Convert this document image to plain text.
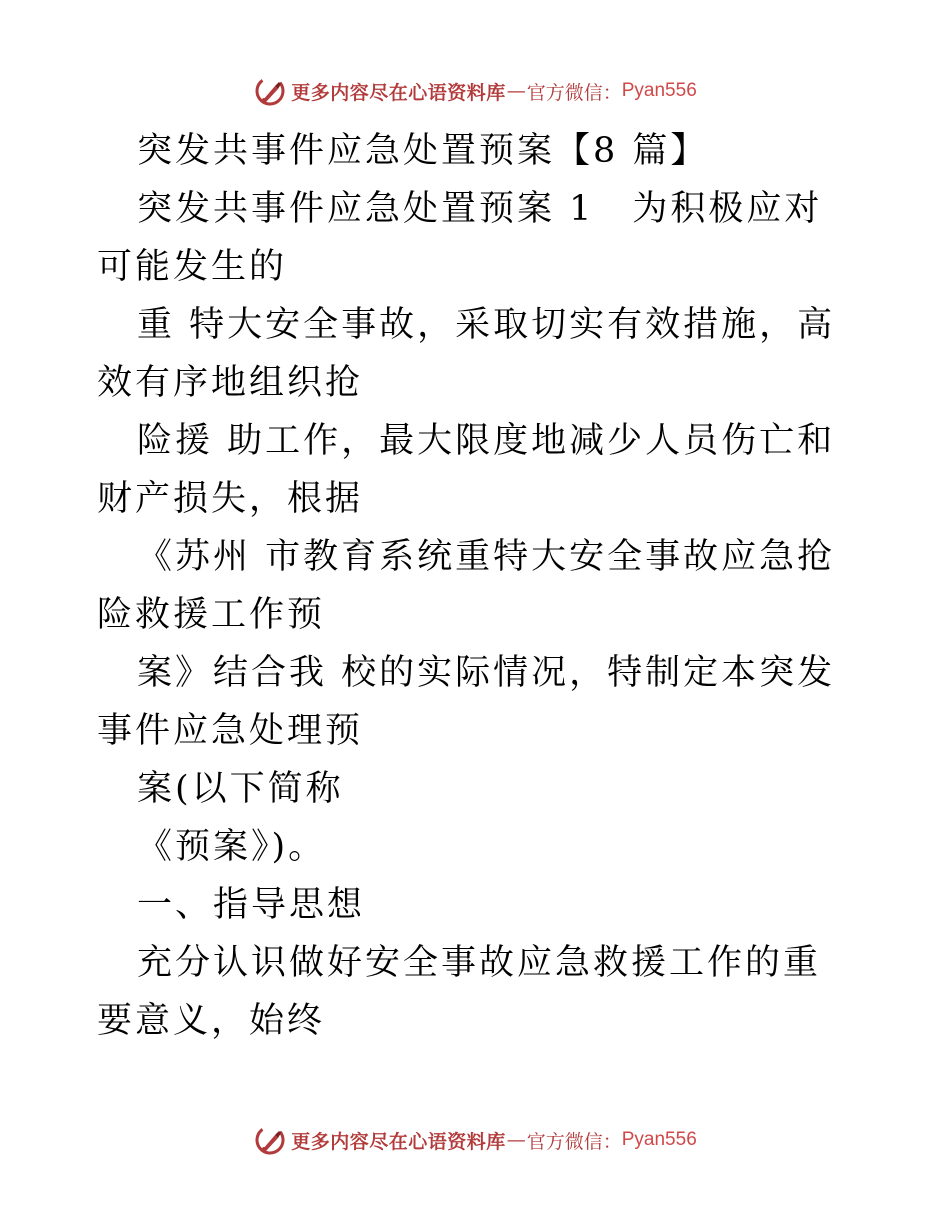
更多内容尽在心语资料库 — 官方微信： Pyan556

突发共事件应急处置预案【8 篇】

突发共事件应急处置预案 1　为积极应对可能发生的

重 特大安全事故，采取切实有效措施，高效有序地组织抢

险援 助工作，最大限度地减少人员伤亡和财产损失，根据

《苏州 市教育系统重特大安全事故应急抢险救援工作预

案》结合我 校的实际情况，特制定本突发事件应急处理预

案(以下简称

《预案》)。

一、指导思想

充分认识做好安全事故应急救援工作的重要意义，始终

更多内容尽在心语资料库 — 官方微信： Pyan556
